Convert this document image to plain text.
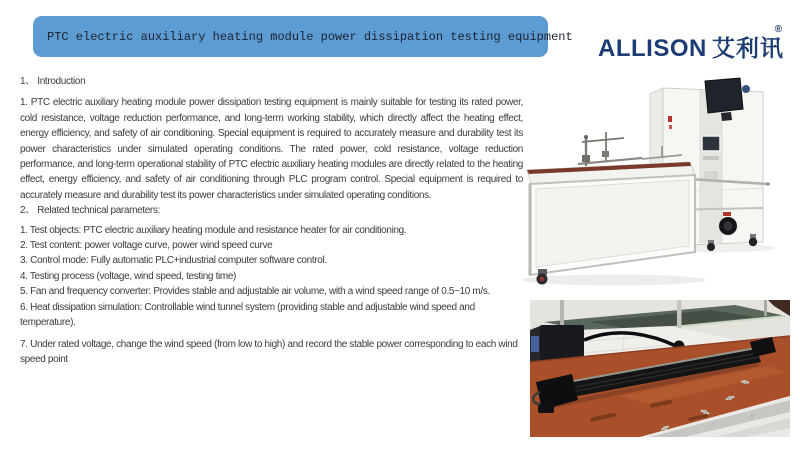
PTC electric auxiliary heating module power dissipation testing equipment ALLISON 艾利讯
®

1、 Introduction

1. PTC electric auxiliary heating module power dissipation testing equipment is mainly suitable for testing its rated power, cold resistance, voltage reduction performance, and long-term working stability, which directly affect the heating effect, energy efficiency, and safety of air conditioning. Special equipment is required to accurately measure and durability test its power characteristics under simulated operating conditions. The rated power, cold resistance, voltage reduction performance, and long-term operational stability of PTC electric auxiliary heating modules are directly related to the heating effect, energy efficiency, and safety of air conditioning through PLC program control. Special equipment is required to accurately measure and durability test its power characteristics under simulated operating conditions.

2、 Related technical parameters:

1. Test objects: PTC electric auxiliary heating module and resistance heater for air conditioning.

2. Test content: power voltage curve, power wind speed curve

3. Control mode: Fully automatic PLC+industrial computer software control.

4. Testing process (voltage, wind speed, testing time)

5. Fan and frequency converter: Provides stable and adjustable air volume, with a wind speed range of 0.5~10 m/s.

6. Heat dissipation simulation: Controllable wind tunnel system (providing stable and adjustable wind speed and temperature).

7. Under rated voltage, change the wind speed (from low to high) and record the stable power corresponding to each wind speed point
